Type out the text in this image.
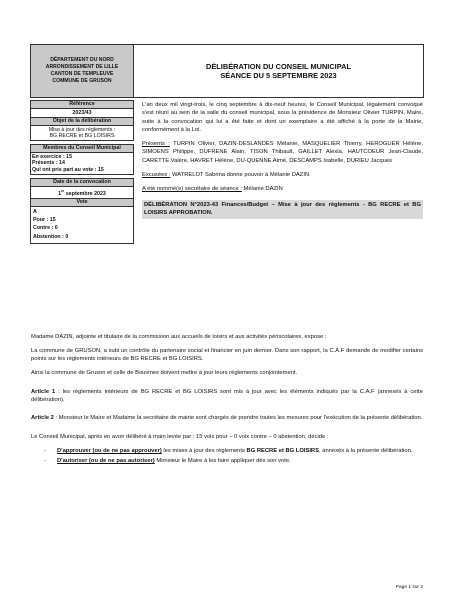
DÉPARTEMENT DU NORD
ARRONDISSEMENT DE LILLE
CANTON DE TEMPLEUVE
COMMUNE DE GRUSON
DÉLIBÉRATION DU CONSEIL MUNICIPAL
SÉANCE DU 5 SEPTEMBRE 2023
Référence
2023/43
Objet de la délibération
Mise à jour des règlements :
BG RECRE et BG LOISIRS
Membres du Conseil Municipal
En exercice : 15
Présents : 14
Qui ont pris part au vote : 15
Date de la convocation
1er septembre 2023
Vote
A
Pour : 15
Contre : 0
Abstention : 0

L'an deux mil vingt-trois, le cinq septembre à dix-neuf heures, le Conseil Municipal, légalement convoqué s'est réuni au sein de la salle du conseil municipal, sous la présidence de Monsieur Olivier TURPIN, Maire, suite à la convocation qui lui a été faite et dont un exemplaire a été affiché à la porte de la Mairie, conformément à la Loi.

Présents : TURPIN Olivier, DAZIN-DESLANDES Mélanie, MASQUELIER Thierry, HEROGUER Hélène, SIMOENS Philippe, DUFRENE Alain, TISON Thibault, GAILLET Alexia, HAUTCOEUR Jean-Claude, CARETTE Valère, HAVRET Hélène, DU-QUENNE Aimé, DESCAMPS Isabelle, DURIEU Jacques

Excusées : WATRELOT Sabrina donne pouvoir à Mélanie DAZIN

A été nommé(e) secrétaire de séance : Mélanie DAZIN

DÉLIBÉRATION N°2023-43 Finances/Budget – Mise à jour des règlements - BG RECRE et BG LOISIRS APPROBATION.

Madame DAZIN, adjointe et titulaire de la commission aux accueils de loisirs et aux activités périscolaires, expose :

La commune de GRUSON, a subi un contrôle du partenaire social et financier en juin dernier. Dans son rapport, la C.A.F demande de modifier certains points sur les règlements intérieurs de BG RECRE et BG LOISIRS.

Ainsi la commune de Gruson et celle de Bouvines doivent mettre à jour leurs règlements conjointement.

Article 1 : les règlements intérieurs de BG RECRE et BG LOISIRS sont mis à jour avec les éléments indiqués par la C.A.F (annexés à cette délibération).

Article 2 : Monsieur le Maire et Madame la secrétaire de mairie sont chargés de prendre toutes les mesures pour l'exécution de la présente délibération.

Le Conseil Municipal, après en avoir délibéré à main levée par : 15 voix pour – 0 voix contre – 0 abstention, décide :

- D'approuver (ou de ne pas approuver) les mises à jour des règlements BG RECRE et BG LOISIRS, annexés à la présente délibération.
- D'autoriser (ou de ne pas autoriser) Monsieur le Maire à les faire appliquer dès son vote.
Page 1 sur 2
